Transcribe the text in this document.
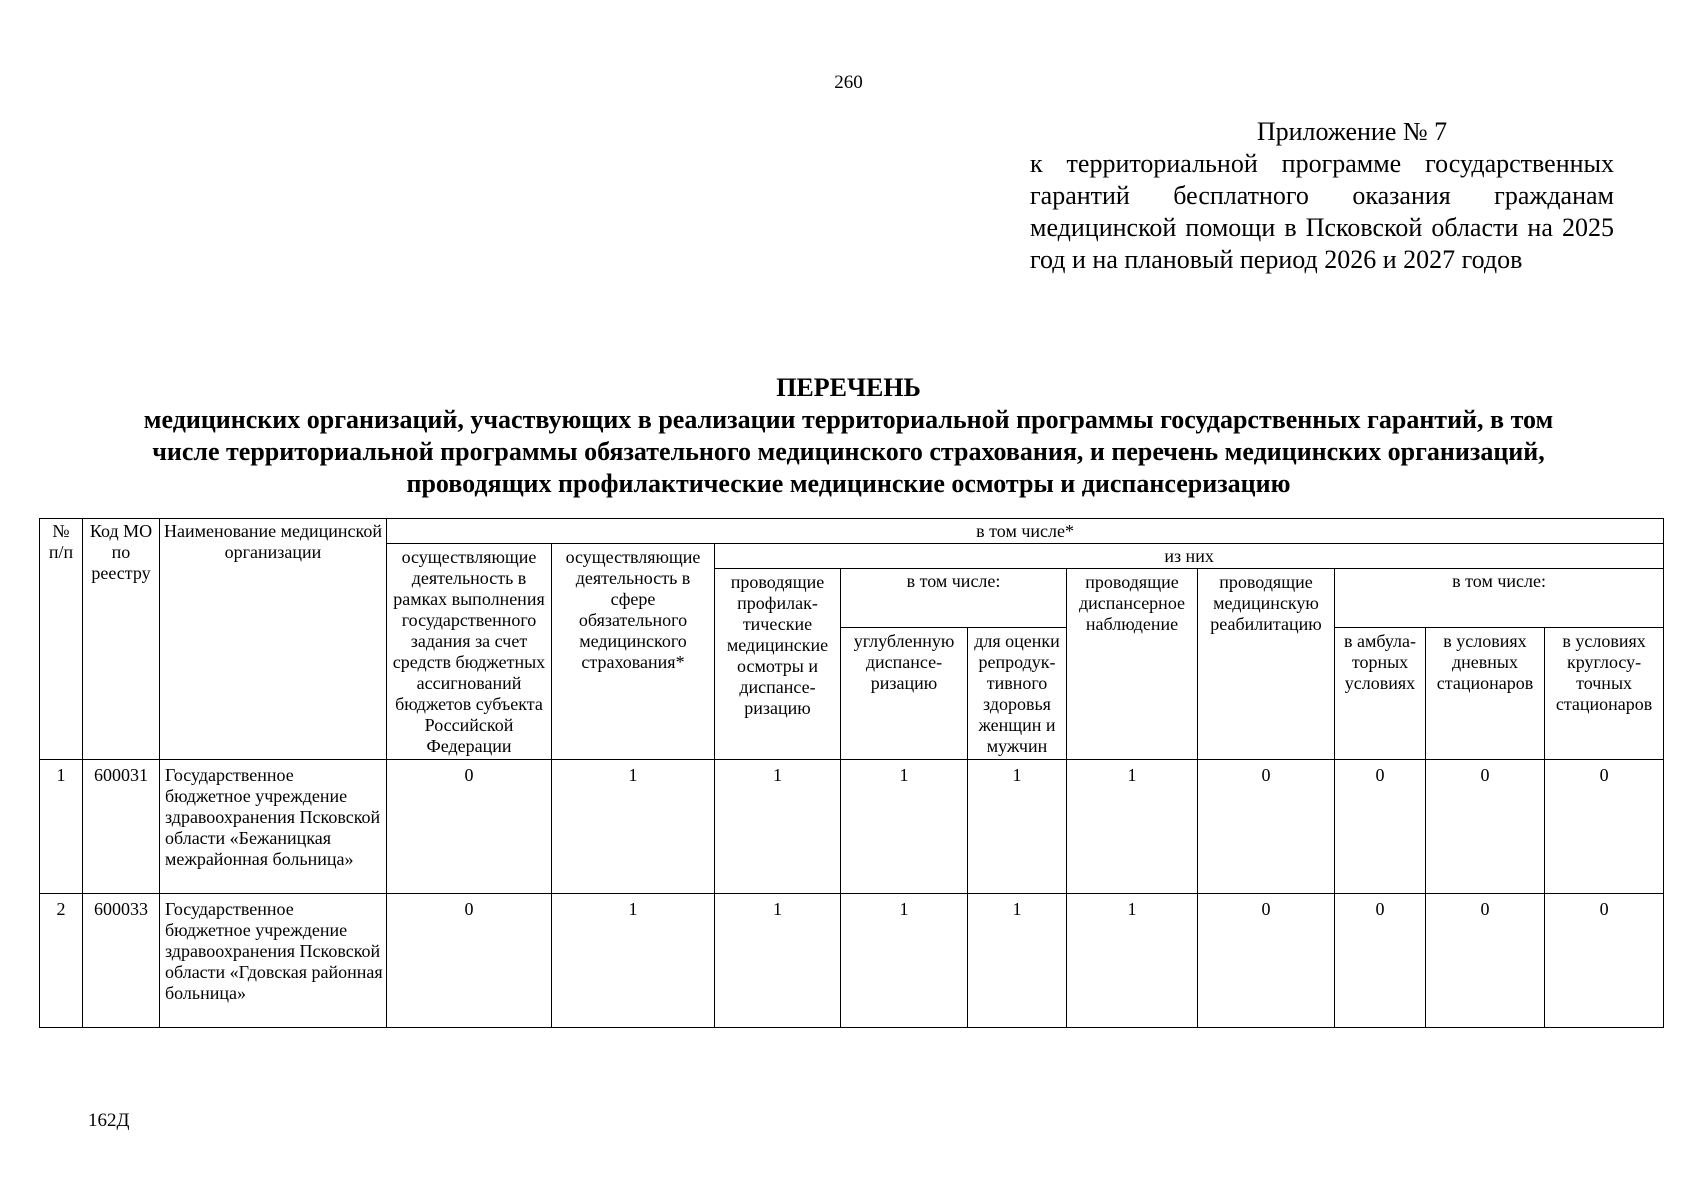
260
Приложение № 7
к территориальной программе государственных гарантий бесплатного оказания гражданам медицинской помощи в Псковской области на 2025 год и на плановый период 2026 и 2027 годов
ПЕРЕЧЕНЬ
медицинских организаций, участвующих в реализации территориальной программы государственных гарантий, в том числе территориальной программы обязательного медицинского страхования, и перечень медицинских организаций, проводящих профилактические медицинские осмотры и диспансеризацию
№ п/п	Код МО по реестру	Наименование медицинской организации	в том числе*									
			осуществляющие деятельность в рамках выполнения государственного задания за счет средств бюджетных ассигнований бюджетов субъекта Российской Федерации	осуществляющие деятельность в сфере обязательного медицинского страхования*	из них							
					проводящие профилак-тические медицинские осмотры и диспансе-ризацию	в том числе:		проводящие диспансерное наблюдение	проводящие медицинскую реабилитацию	в том числе:		
						углубленную диспансе-ризацию	для оценки репродук-тивного здоровья женщин и мужчин			в амбула-торных условиях	в условиях дневных стационаров	в условиях круглосу-точных стационаров
1	600031	Государственное бюджетное учреждение здравоохранения Псковской области «Бежаницкая межрайонная больница»	0	1	1	1	1	1	0	0	0	0
2	600033	Государственное бюджетное учреждение здравоохранения Псковской области «Гдовская районная больница»	0	1	1	1	1	1	0	0	0	0
162Д
